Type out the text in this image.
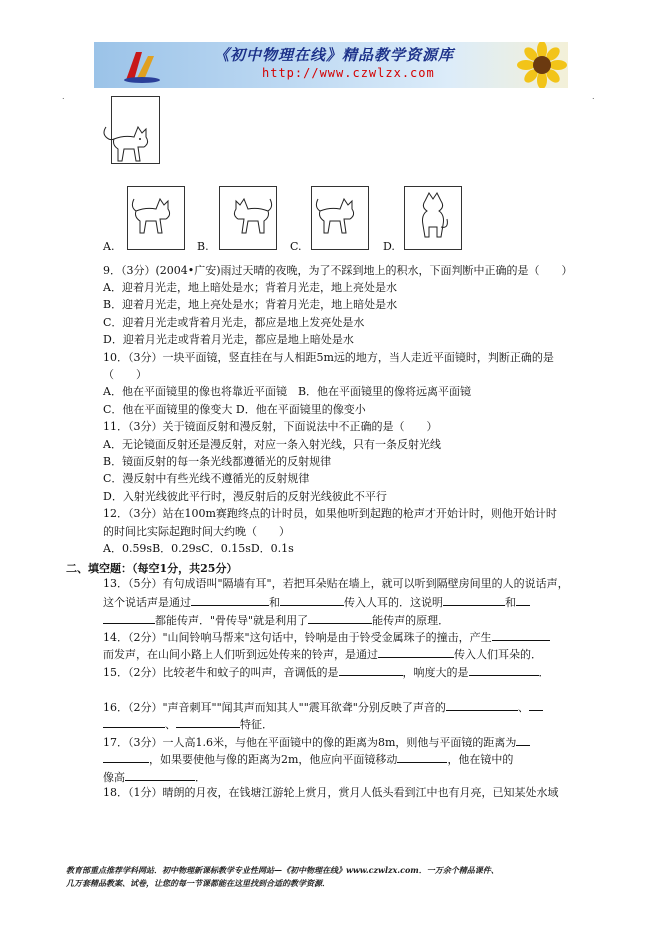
《初中物理在线》精品教学资源库
http://www.czwlzx.com
.	.
A.	B.	C.	D.
9．（3分）(2004•广安)雨过天晴的夜晚，为了不踩到地上的积水，下面判断中正确的是（　　）
A．迎着月光走，地上暗处是水；背着月光走，地上亮处是水
B．迎着月光走，地上亮处是水；背着月光走，地上暗处是水
C．迎着月光走或背着月光走，都应是地上发亮处是水
D．迎着月光走或背着月光走，都应是地上暗处是水
10．（3分）一块平面镜，竖直挂在与人相距5m远的地方，当人走近平面镜时，判断正确的是
（　　）
A．他在平面镜里的像也将靠近平面镜　B．他在平面镜里的像将远离平面镜
C．他在平面镜里的像变大 D．他在平面镜里的像变小
11．（3分）关于镜面反射和漫反射，下面说法中不正确的是（　　）
A．无论镜面反射还是漫反射，对应一条入射光线，只有一条反射光线
B．镜面反射的每一条光线都遵循光的反射规律
C．漫反射中有些光线不遵循光的反射规律
D．入射光线彼此平行时，漫反射后的反射光线彼此不平行
12．（3分）站在100m赛跑终点的计时员，如果他听到起跑的枪声才开始计时，则他开始计时
的时间比实际起跑时间大约晚（　　）
A．0.59sB．0.29sC．0.15sD．0.1s
13．（5分）有句成语叫"隔墙有耳"，若把耳朵贴在墙上，就可以听到隔壁房间里的人的说话声，
这个说话声是通过	和	传入人耳的．这说明	和
都能传声．"骨传导"就是利用了	能传声的原理．
14．（2分）"山间铃响马帮来"这句话中，铃响是由于铃受金属珠子的撞击，产生
而发声，在山间小路上人们听到远处传来的铃声，是通过	传入人们耳朵的．
15．（2分）比较老牛和蚊子的叫声，音调低的是	，响度大的是	．
16．（2分）"声音刺耳""闻其声而知其人""震耳欲聋"分别反映了声音的	、
、	特征．
17．（3分）一人高1.6米，与他在平面镜中的像的距离为8m，则他与平面镜的距离为
，如果要使他与像的距离为2m，他应向平面镜移动	，他在镜中的
像高	．
18．（1分）晴朗的月夜，在钱塘江游轮上赏月，赏月人低头看到江中也有月亮，已知某处水域
二、填空题：（每空1分，共25分）
教育部重点推荐学科网站．初中物理新课标教学专业性网站—《初中物理在线》www.czwlzx.com．一万余个精品课件、
几万套精品教案、试卷，让您的每一节课都能在这里找到合适的教学资源．
